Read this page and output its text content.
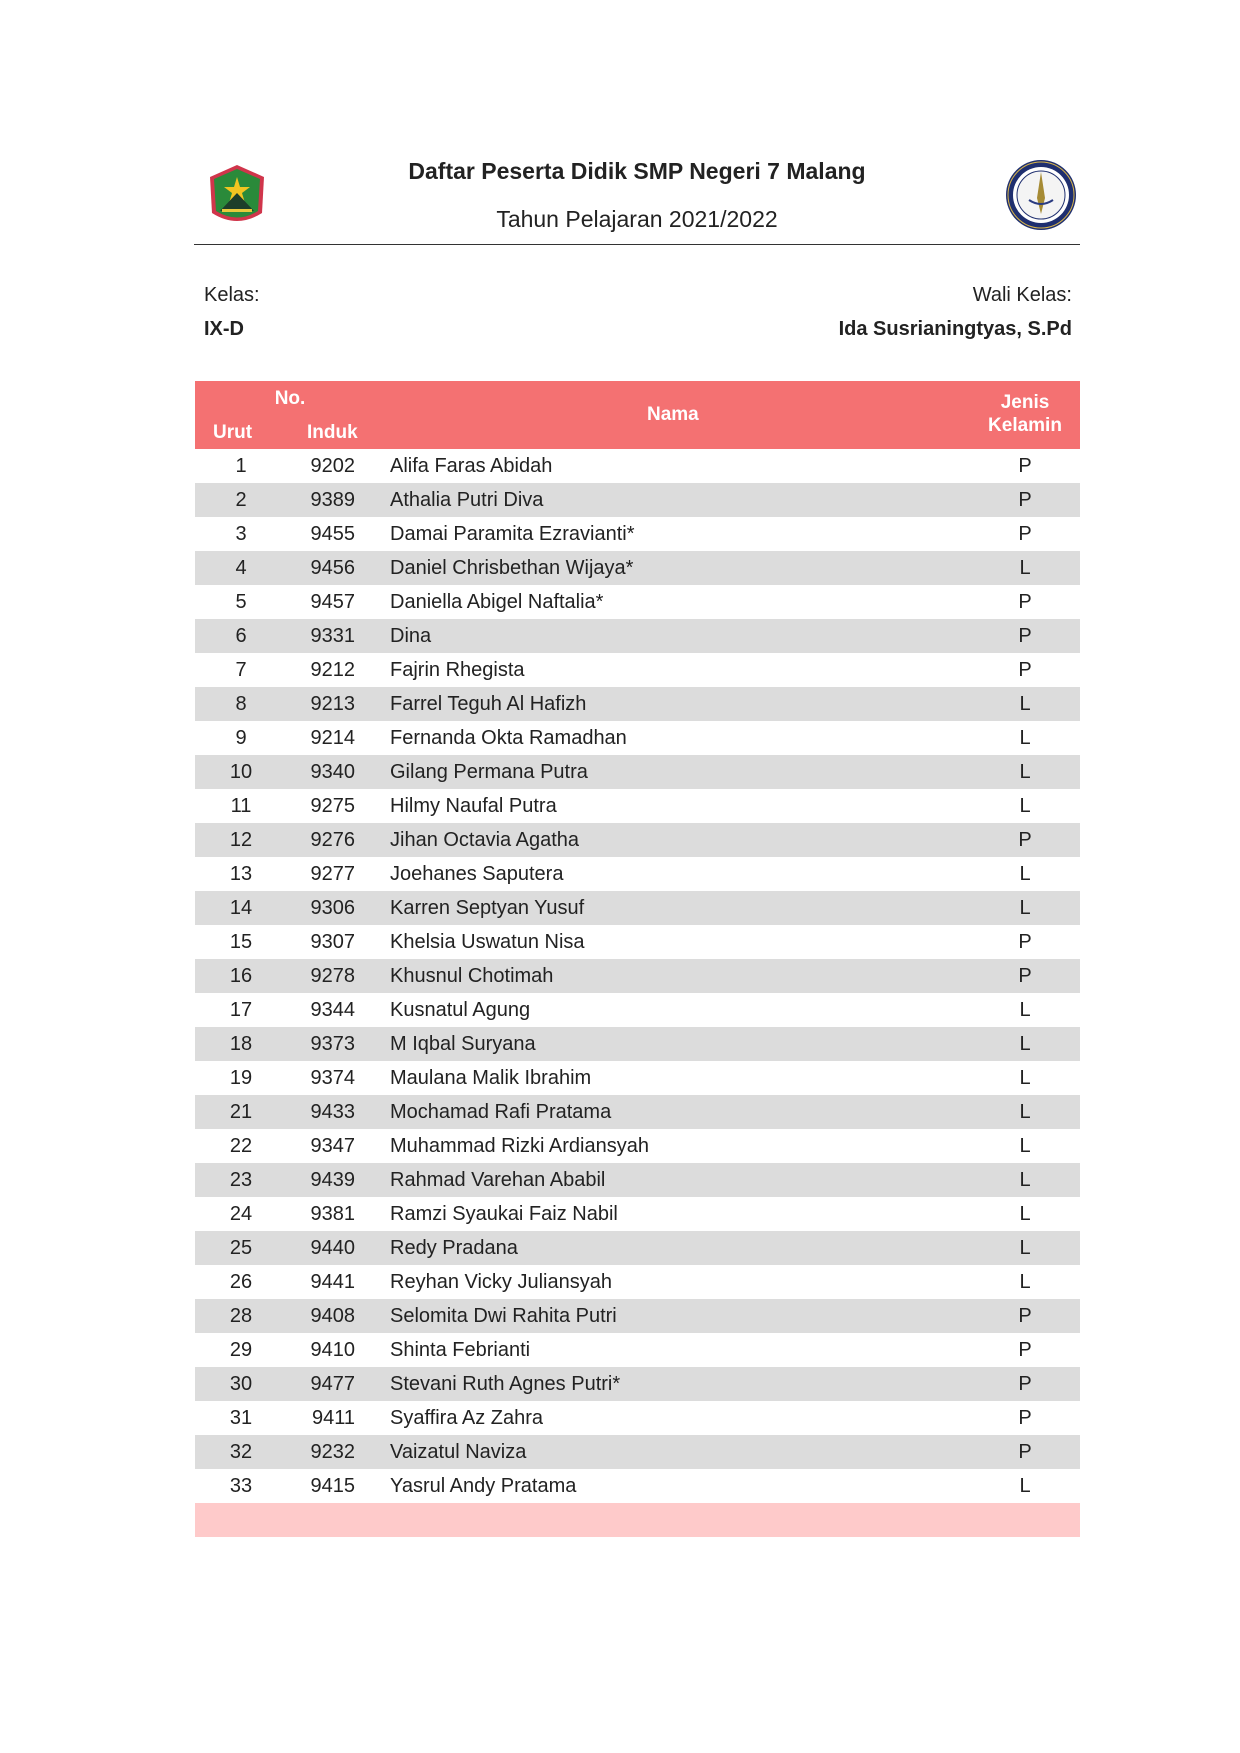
Daftar Peserta Didik SMP Negeri 7 Malang
Tahun Pelajaran 2021/2022
Kelas:
IX-D
Wali Kelas:
Ida Susrianingtyas, S.Pd
No.
Urut	Induk
Nama
Jenis
Kelamin
1	9202 Alifa Faras Abidah	P
2	9389 Athalia Putri Diva	P
3	9455 Damai Paramita Ezravianti*	P
4	9456 Daniel Chrisbethan Wijaya*	L
5	9457 Daniella Abigel Naftalia*	P
6	9331 Dina	P
7	9212 Fajrin Rhegista	P
8	9213 Farrel Teguh Al Hafizh	L
9	9214 Fernanda Okta Ramadhan	L
10	9340 Gilang Permana Putra	L
11	9275 Hilmy Naufal Putra	L
12	9276 Jihan Octavia Agatha	P
13	9277 Joehanes Saputera	L
14	9306 Karren Septyan Yusuf	L
15	9307 Khelsia Uswatun Nisa	P
16	9278 Khusnul Chotimah	P
17	9344 Kusnatul Agung	L
18	9373 M Iqbal Suryana	L
19	9374 Maulana Malik Ibrahim	L
21	9433 Mochamad Rafi Pratama	L
22	9347 Muhammad Rizki Ardiansyah	L
23	9439 Rahmad Varehan Ababil	L
24	9381 Ramzi Syaukai Faiz Nabil	L
25	9440 Redy Pradana	L
26	9441 Reyhan Vicky Juliansyah	L
28	9408 Selomita Dwi Rahita Putri	P
29	9410 Shinta Febrianti	P
30	9477 Stevani Ruth Agnes Putri*	P
31	9411 Syaffira Az Zahra	P
32	9232 Vaizatul Naviza	P
33	9415 Yasrul Andy Pratama	L
